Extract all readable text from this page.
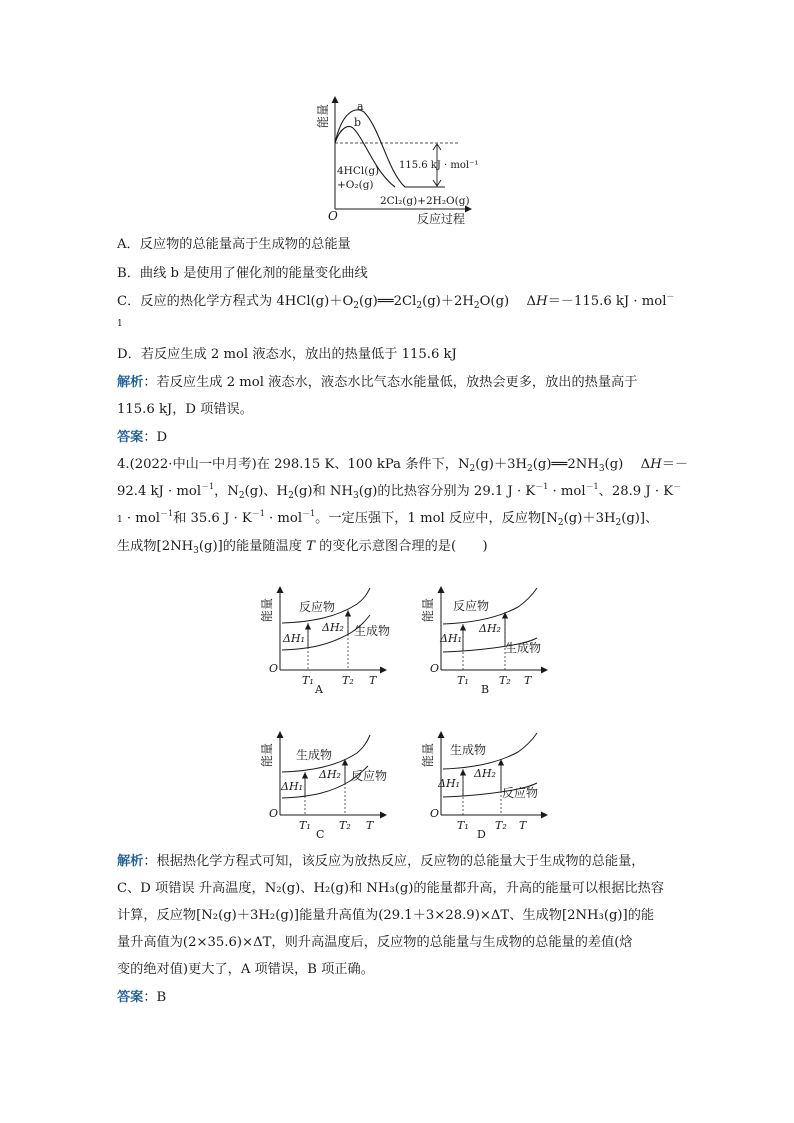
能量
反应过程
O
a
b
115.6 kJ · mol⁻¹
4HCl(g)
+O₂(g)
2Cl₂(g)+2H₂O(g)
A．反应物的总能量高于生成物的总能量
B．曲线 b 是使用了催化剂的能量变化曲线
C．反应的热化学方程式为 $4HCl(g)+O_2(g)══2Cl_2(g)+2H_2O(g)$　 ΔH＝－115.6 kJ · mol－
1
D．若反应生成 2 mol 液态水，放出的热量低于 115.6 kJ
解析：若反应生成 2 mol 液态水，液态水比气态水能量低，放热会更多，放出的热量高于
115.6 kJ，D 项错误。
答案：D
4.(2022·中山一中月考)在 298.15 K、100 kPa 条件下，$N_2(g)+3H_2(g)══2NH_3(g)$　 ΔH＝－
92.4 kJ · mol$^{-1}$，$N_2(g)$、$H_2(g)$和 $NH_3(g)$的比热容分别为 29.1 $J \cdot K^{-1} \cdot mol^{-1}$、28.9 J · K－
1 · mol$^{-1}$和 35.6 $J \cdot K^{-1} \cdot mol^{-1}$。一定压强下，1 mol 反应中，反应物$[N_2(g)+3H_2(g)]$、
生成物$[2NH_3(g)]$的能量随温度 T 的变化示意图合理的是(　　)
能量
O
反应物
生成物
ΔH₁
ΔH₂
T₁	T₂ T
A
能量
O
反应物
生成物
ΔH₁
ΔH₂
T₁	T₂ T
B
能量
O
生成物
反应物
ΔH₁
ΔH₂
T₁	T₂ T
C
能量
O
生成物
反应物
ΔH₁
ΔH₂
T₁ T₂ T
D
解析：根据热化学方程式可知，该反应为放热反应，反应物的总能量大于生成物的总能量，
C、D 项错误 升高温度，N₂(g)、H₂(g)和 NH₃(g)的能量都升高，升高的能量可以根据比热容
计算，反应物[N₂(g)＋3H₂(g)]能量升高值为(29.1＋3×28.9)×ΔT、生成物[2NH₃(g)]的能
量升高值为(2×35.6)×ΔT，则升高温度后，反应物的总能量与生成物的总能量的差值(焓
变的绝对值)更大了，A 项错误，B 项正确。
答案：B
